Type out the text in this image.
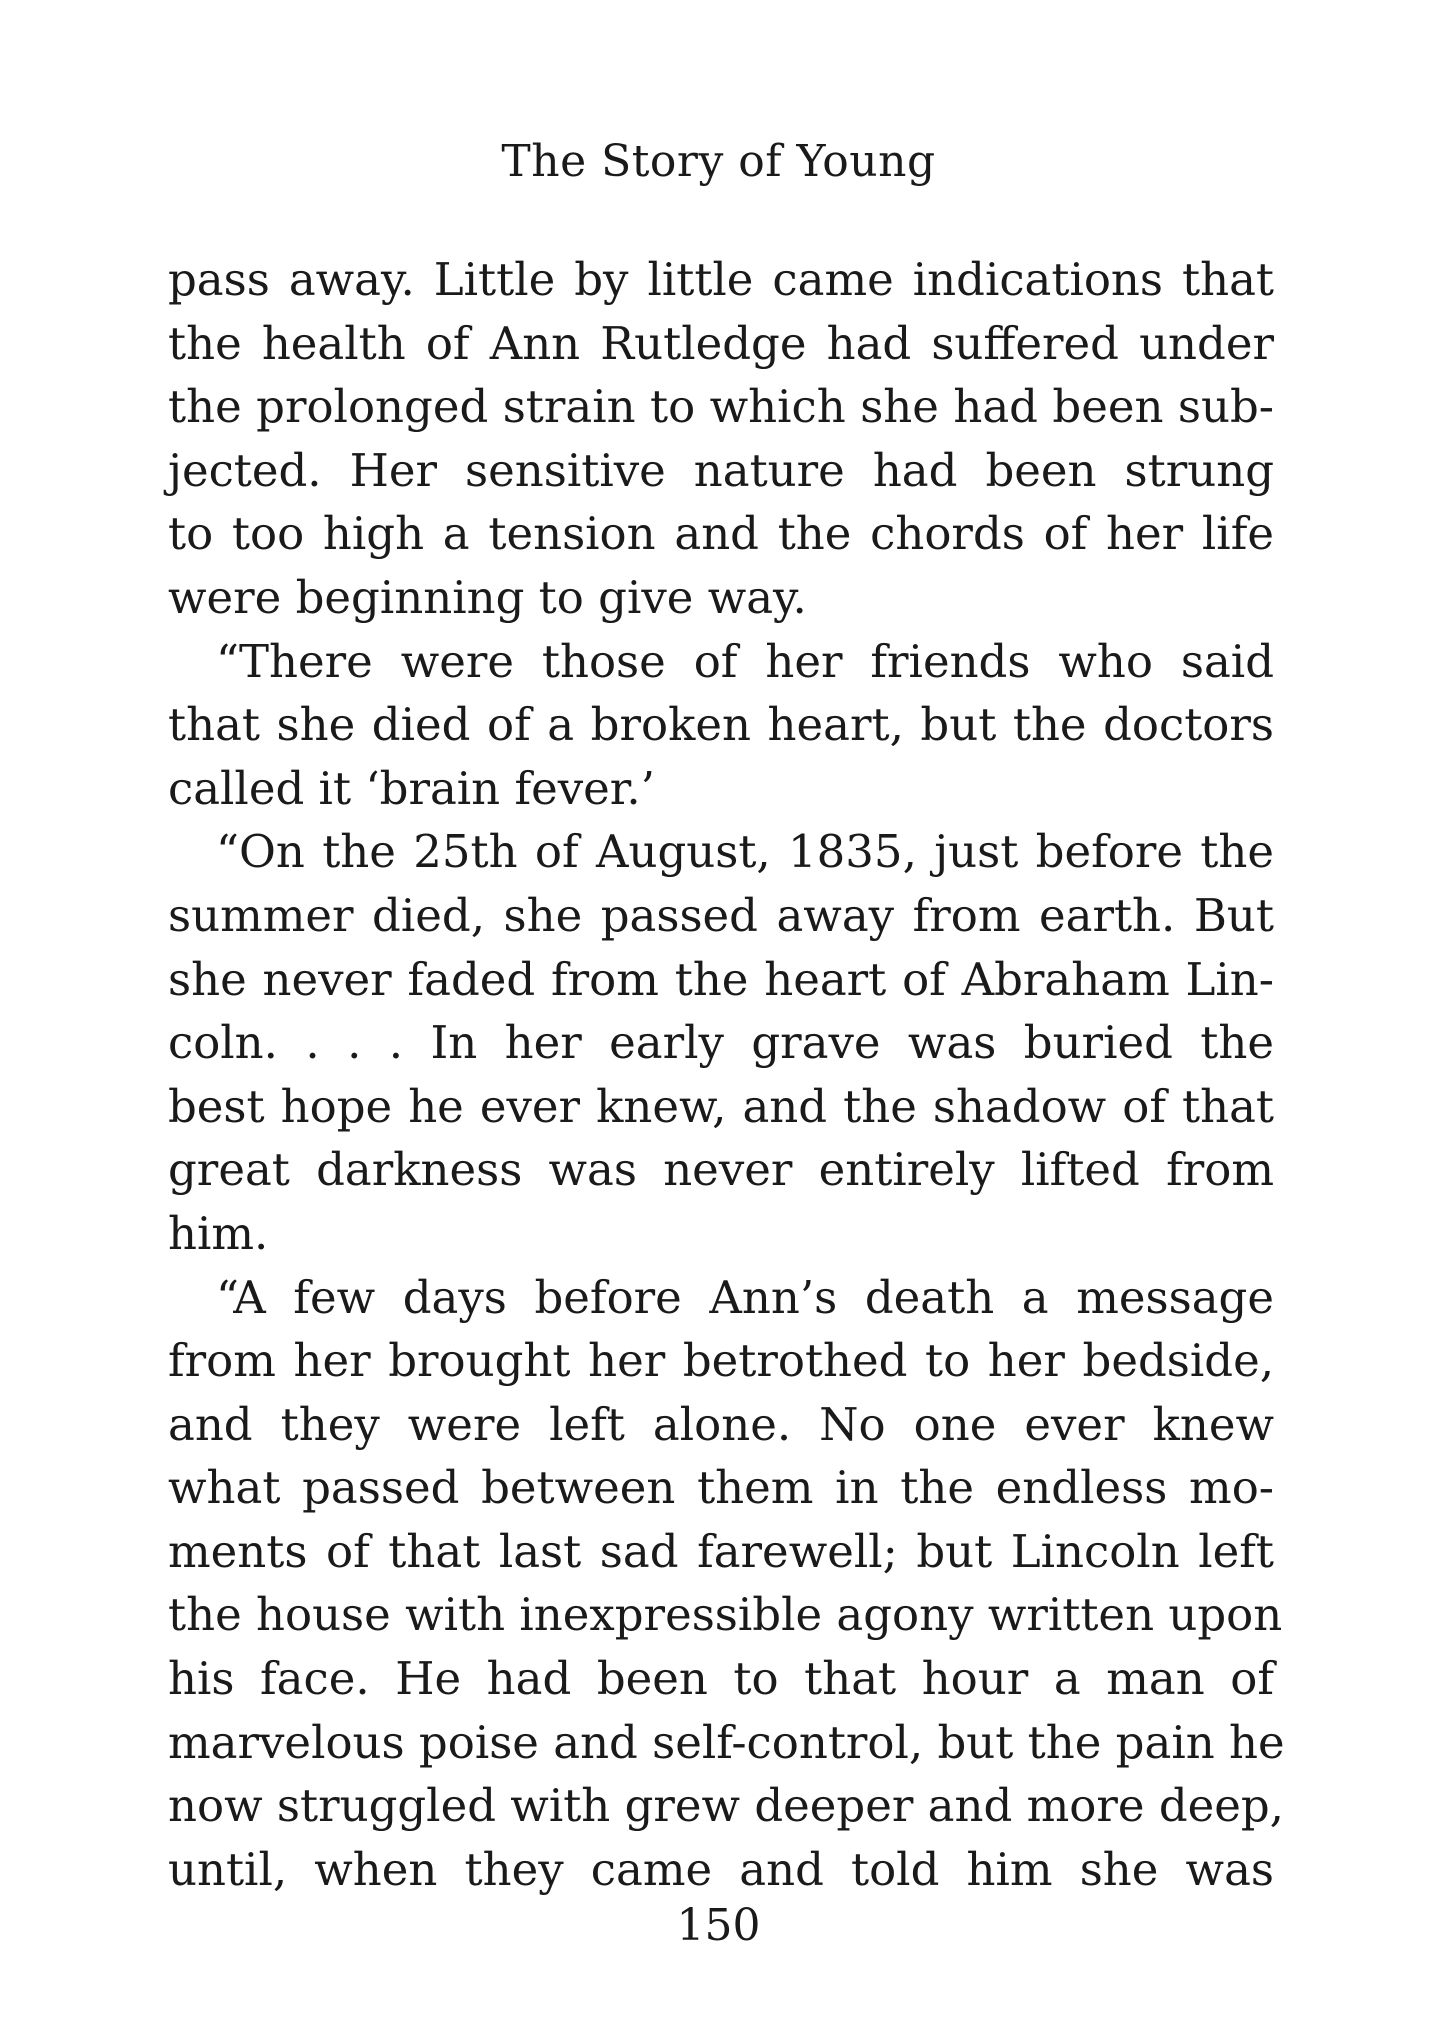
The Story of Young
pass away. Little by little came indications that
the health of Ann Rutledge had suffered under
the prolonged strain to which she had been sub-
jected. Her sensitive nature had been strung
to too high a tension and the chords of her life
were beginning to give way.
“There were those of her friends who said
that she died of a broken heart, but the doctors
called it ‘brain fever.’
“On the 25th of August, 1835, just before the
summer died, she passed away from earth. But
she never faded from the heart of Abraham Lin-
coln. . . . In her early grave was buried the
best hope he ever knew, and the shadow of that
great darkness was never entirely lifted from
him.
“A few days before Ann’s death a message
from her brought her betrothed to her bedside,
and they were left alone. No one ever knew
what passed between them in the endless mo-
ments of that last sad farewell; but Lincoln left
the house with inexpressible agony written upon
his face. He had been to that hour a man of
marvelous poise and self-control, but the pain he
now struggled with grew deeper and more deep,
until, when they came and told him she was
150
